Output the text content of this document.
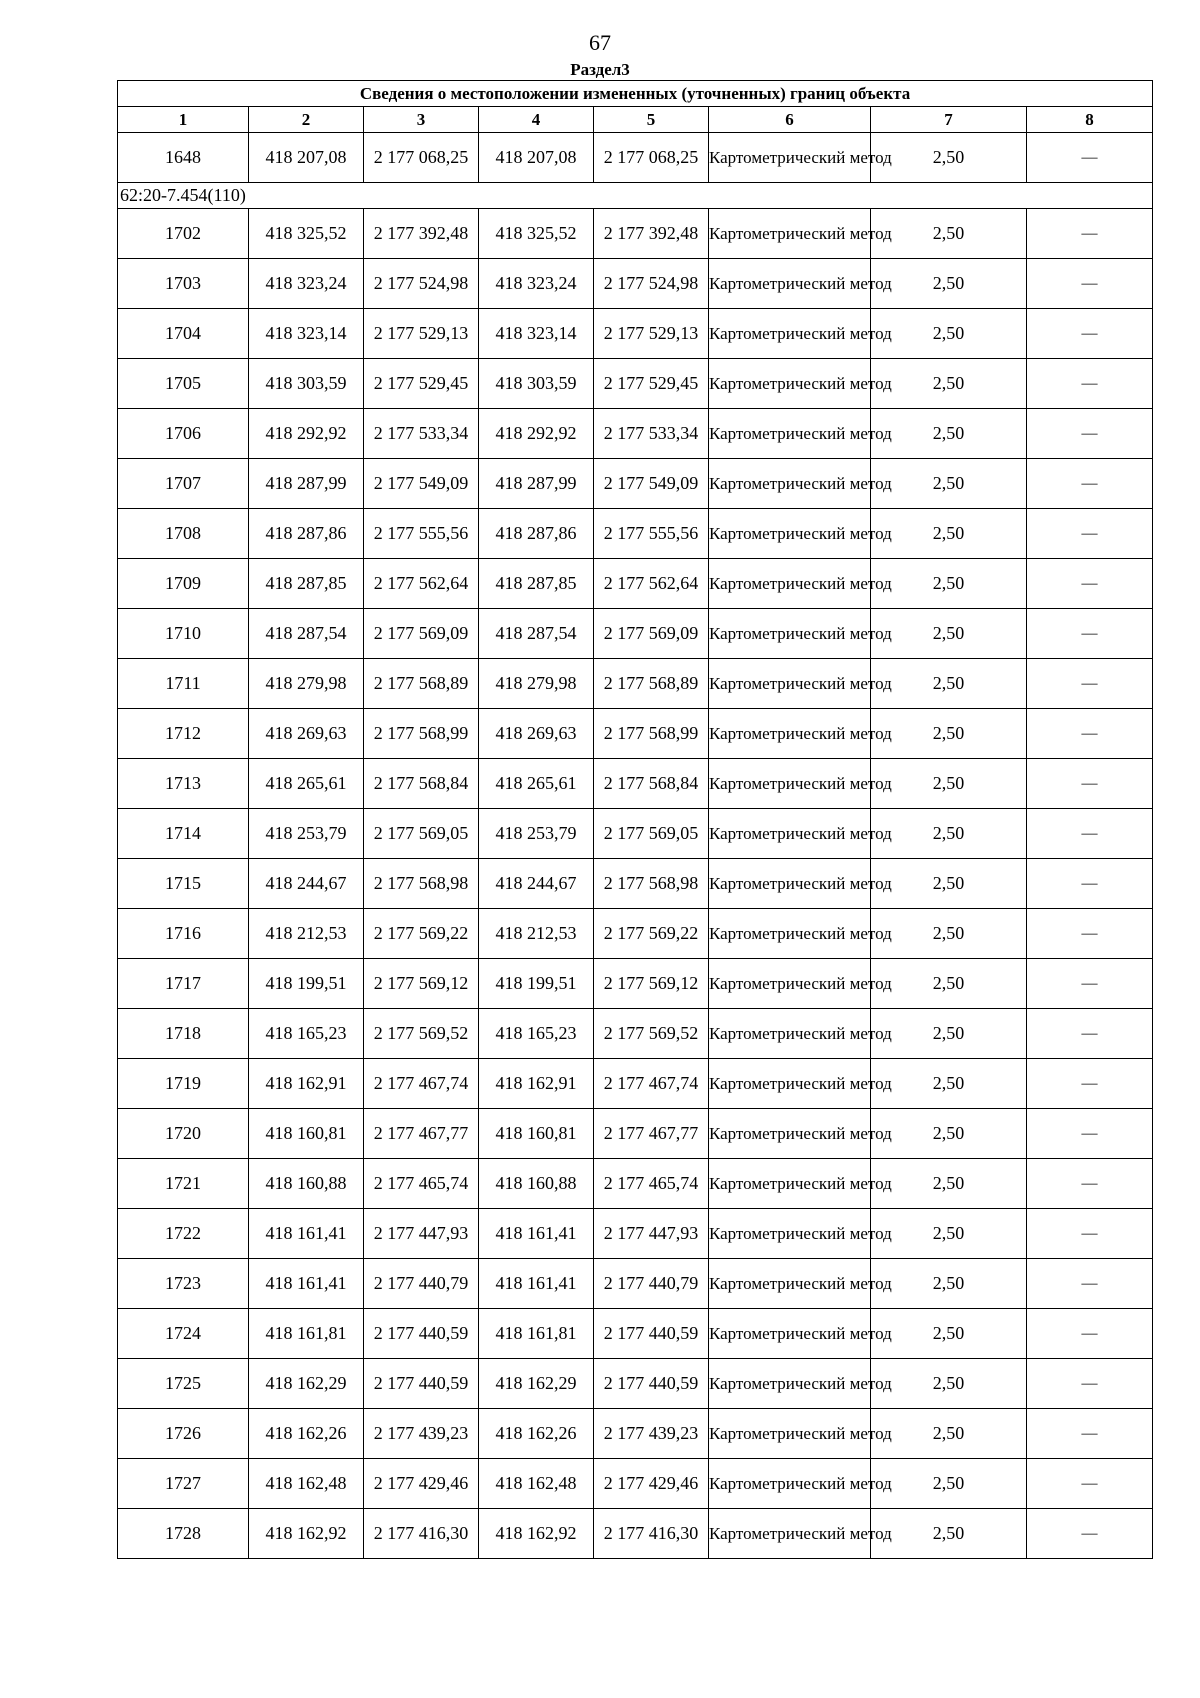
67
Раздел3
Сведения о местоположении измененных (уточненных) границ объекта							
1	2	3	4	5	6	7	8
1648	418 207,08	2 177 068,25	418 207,08	2 177 068,25	Картометрический метод	2,50	—
62:20-7.454(110)							
1702	418 325,52	2 177 392,48	418 325,52	2 177 392,48	Картометрический метод	2,50	—
1703	418 323,24	2 177 524,98	418 323,24	2 177 524,98	Картометрический метод	2,50	—
1704	418 323,14	2 177 529,13	418 323,14	2 177 529,13	Картометрический метод	2,50	—
1705	418 303,59	2 177 529,45	418 303,59	2 177 529,45	Картометрический метод	2,50	—
1706	418 292,92	2 177 533,34	418 292,92	2 177 533,34	Картометрический метод	2,50	—
1707	418 287,99	2 177 549,09	418 287,99	2 177 549,09	Картометрический метод	2,50	—
1708	418 287,86	2 177 555,56	418 287,86	2 177 555,56	Картометрический метод	2,50	—
1709	418 287,85	2 177 562,64	418 287,85	2 177 562,64	Картометрический метод	2,50	—
1710	418 287,54	2 177 569,09	418 287,54	2 177 569,09	Картометрический метод	2,50	—
1711	418 279,98	2 177 568,89	418 279,98	2 177 568,89	Картометрический метод	2,50	—
1712	418 269,63	2 177 568,99	418 269,63	2 177 568,99	Картометрический метод	2,50	—
1713	418 265,61	2 177 568,84	418 265,61	2 177 568,84	Картометрический метод	2,50	—
1714	418 253,79	2 177 569,05	418 253,79	2 177 569,05	Картометрический метод	2,50	—
1715	418 244,67	2 177 568,98	418 244,67	2 177 568,98	Картометрический метод	2,50	—
1716	418 212,53	2 177 569,22	418 212,53	2 177 569,22	Картометрический метод	2,50	—
1717	418 199,51	2 177 569,12	418 199,51	2 177 569,12	Картометрический метод	2,50	—
1718	418 165,23	2 177 569,52	418 165,23	2 177 569,52	Картометрический метод	2,50	—
1719	418 162,91	2 177 467,74	418 162,91	2 177 467,74	Картометрический метод	2,50	—
1720	418 160,81	2 177 467,77	418 160,81	2 177 467,77	Картометрический метод	2,50	—
1721	418 160,88	2 177 465,74	418 160,88	2 177 465,74	Картометрический метод	2,50	—
1722	418 161,41	2 177 447,93	418 161,41	2 177 447,93	Картометрический метод	2,50	—
1723	418 161,41	2 177 440,79	418 161,41	2 177 440,79	Картометрический метод	2,50	—
1724	418 161,81	2 177 440,59	418 161,81	2 177 440,59	Картометрический метод	2,50	—
1725	418 162,29	2 177 440,59	418 162,29	2 177 440,59	Картометрический метод	2,50	—
1726	418 162,26	2 177 439,23	418 162,26	2 177 439,23	Картометрический метод	2,50	—
1727	418 162,48	2 177 429,46	418 162,48	2 177 429,46	Картометрический метод	2,50	—
1728	418 162,92	2 177 416,30	418 162,92	2 177 416,30	Картометрический метод	2,50	—
